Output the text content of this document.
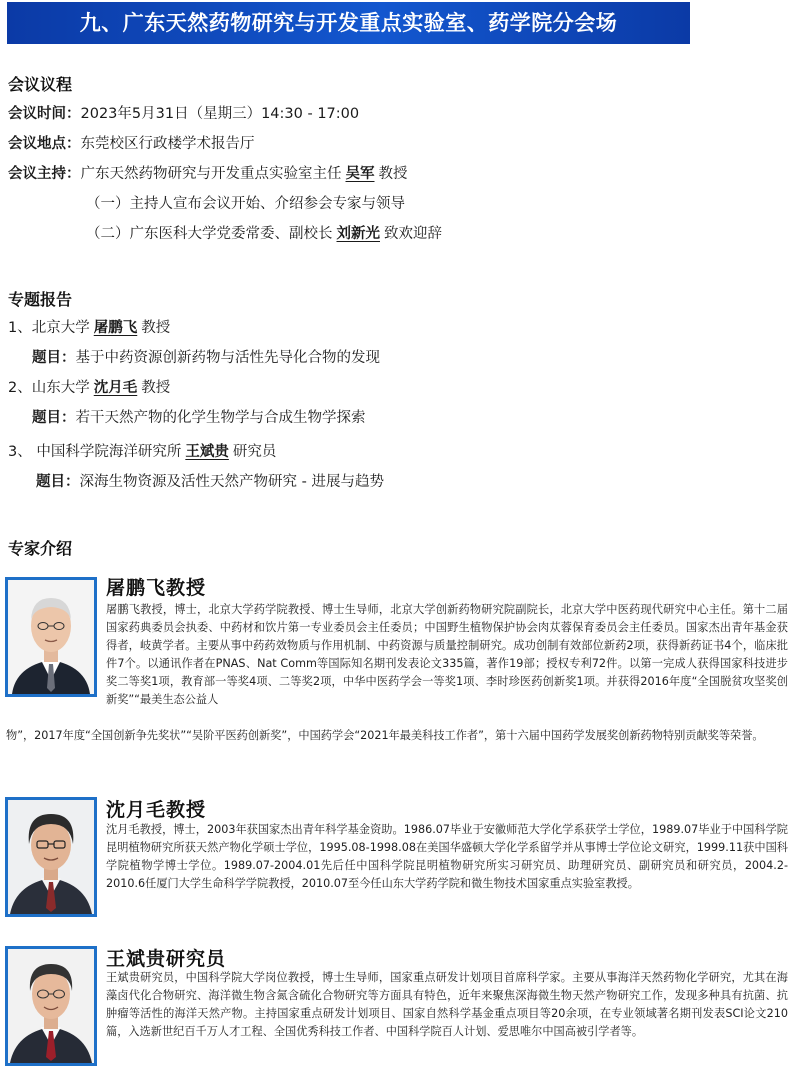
九、广东天然药物研究与开发重点实验室、药学院分会场
会议议程
会议时间：2023年5月31日（星期三）14:30 - 17:00
会议地点：东莞校区行政楼学术报告厅
会议主持：广东天然药物研究与开发重点实验室主任 吴军 教授
（一）主持人宣布会议开始、介绍参会专家与领导
（二）广东医科大学党委常委、副校长 刘新光 致欢迎辞
专题报告
1、北京大学 屠鹏飞 教授
题目：基于中药资源创新药物与活性先导化合物的发现
2、山东大学 沈月毛 教授
题目：若干天然产物的化学生物学与合成生物学探索
3、 中国科学院海洋研究所 王斌贵 研究员
题目：深海生物资源及活性天然产物研究 - 进展与趋势
专家介绍
屠鹏飞教授
屠鹏飞教授，博士，北京大学药学院教授、博士生导师，北京大学创新药物研究院副院长，北京大学中医药现代研究中心主任。第十二届国家药典委员会执委、中药材和饮片第一专业委员会主任委员；中国野生植物保护协会肉苁蓉保育委员会主任委员。国家杰出青年基金获得者，岐黄学者。主要从事中药药效物质与作用机制、中药资源与质量控制研究。成功创制有效部位新药2项，获得新药证书4个，临床批件7个。以通讯作者在PNAS、Nat Comm等国际知名期刊发表论文335篇，著作19部；授权专利72件。以第一完成人获得国家科技进步奖二等奖1项，教育部一等奖4项、二等奖2项，中华中医药学会一等奖1项、李时珍医药创新奖1项。并获得2016年度“全国脱贫攻坚奖创新奖”“最美生态公益人
物”，2017年度“全国创新争先奖状”“吴阶平医药创新奖”，中国药学会“2021年最美科技工作者”，第十六届中国药学发展奖创新药物特别贡献奖等荣誉。
沈月毛教授
沈月毛教授，博士，2003年获国家杰出青年科学基金资助。1986.07毕业于安徽师范大学化学系获学士学位，1989.07毕业于中国科学院昆明植物研究所获天然产物化学硕士学位，1995.08-1998.08在美国华盛顿大学化学系留学并从事博士学位论文研究，1999.11获中国科学院植物学博士学位。1989.07-2004.01先后任中国科学院昆明植物研究所实习研究员、助理研究员、副研究员和研究员，2004.2-2010.6任厦门大学生命科学学院教授，2010.07至今任山东大学药学院和微生物技术国家重点实验室教授。
王斌贵研究员
王斌贵研究员，中国科学院大学岗位教授，博士生导师，国家重点研发计划项目首席科学家。主要从事海洋天然药物化学研究，尤其在海藻卤代化合物研究、海洋微生物含氮含硫化合物研究等方面具有特色，近年来聚焦深海微生物天然产物研究工作，发现多种具有抗菌、抗肿瘤等活性的海洋天然产物。主持国家重点研发计划项目、国家自然科学基金重点项目等20余项，在专业领域著名期刊发表SCI论文210篇，入选新世纪百千万人才工程、全国优秀科技工作者、中国科学院百人计划、爱思唯尔中国高被引学者等。
